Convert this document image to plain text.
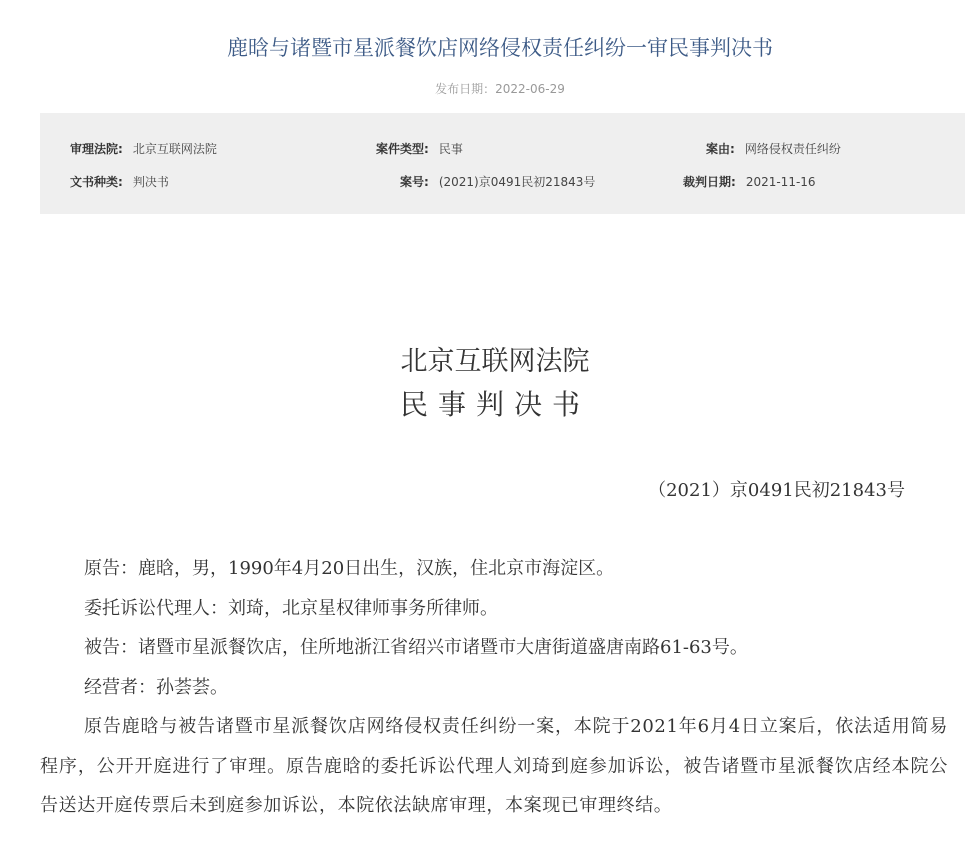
鹿晗与诸暨市星派餐饮店网络侵权责任纠纷一审民事判决书
发布日期：2022-06-29
审理法院: 北京互联网法院	案件类型: 民事	案由: 网络侵权责任纠纷
文书种类: 判决书	案号: (2021)京0491民初21843号	裁判日期: 2021-11-16
北京互联网法院
民事判决书
（2021）京0491民初21843号

原告：鹿晗，男，1990年4月20日出生，汉族，住北京市海淀区。

委托诉讼代理人：刘琦，北京星权律师事务所律师。

被告：诸暨市星派餐饮店，住所地浙江省绍兴市诸暨市大唐街道盛唐南路61-63号。

经营者：孙荟荟。

原告鹿晗与被告诸暨市星派餐饮店网络侵权责任纠纷一案，本院于2021年6月4日立案后，依法适用简易程序，公开开庭进行了审理。原告鹿晗的委托诉讼代理人刘琦到庭参加诉讼，被告诸暨市星派餐饮店经本院公告送达开庭传票后未到庭参加诉讼，本院依法缺席审理，本案现已审理终结。
